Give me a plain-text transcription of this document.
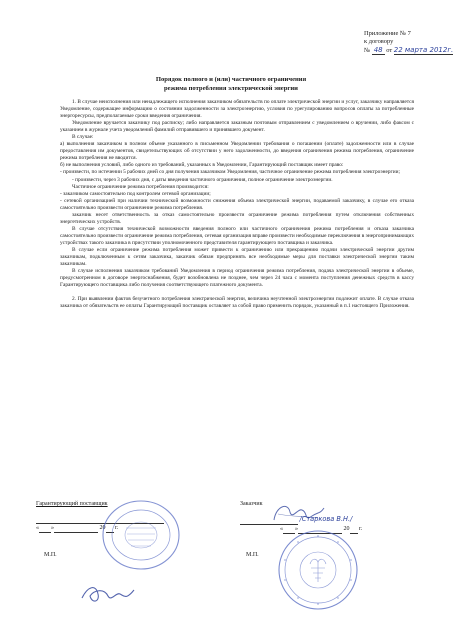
Приложение № 7
к договору
№ 48 от 22 марта 2012г.
Порядок полного и (или) частичного ограничения
режима потребления электрической энергии

1. В случае неисполнения или ненадлежащего исполнения заказчиком обязательств по оплате электрической энергии и услуг, заказчику направляется Уведомление, содержащее информацию о состоянии задолженности за электроэнергию, условия по урегулированию вопросов оплаты за потребленные энергоресурсы, предполагаемые сроки введения ограничения.

Уведомление вручается заказчику под расписку; либо направляется заказным почтовым отправлением с уведомлением о вручении, либо факсом с указанием в журнале учета уведомлений фамилий отправившего и принявшего документ.

В случае:

а) выполнения заказчиком в полном объеме указанного в письменном Уведомлении требования о погашении (оплате) задолженности или в случае предоставления им документов, свидетельствующих об отсутствии у него задолженности, до введения ограничения режима потребления, ограничение режима потребления не вводится.

б) не выполнения условий, либо одного из требований, указанных в Уведомлении, Гарантирующий поставщик имеет право:

- произвести, по истечении 5 рабочих дней со дня получения заказчиком Уведомления, частичное ограничение режима потребления электроэнергии;

- произвести, через 3 рабочих дня, с даты введения частичного ограничения, полное ограничение электроэнергии.

Частичное ограничение режима потребления производится:

- заказчиком самостоятельно под контролем сетевой организации;

- сетевой организацией при наличии технической возможности снижения объема электрической энергии, подаваемой заказчику, в случае его отказа самостоятельно произвести ограничение режима потребления.

заказчик несет ответственность за отказ самостоятельно произвести ограничение режима потребления путем отключения собственных энергетических устройств.

В случае отсутствия технической возможности введения полного или частичного ограничения режима потребления и отказа заказчика самостоятельно произвести ограничение режима потребления, сетевая организация вправе произвести необходимые переключения в энергопринимающих устройствах такого заказчика в присутствии уполномоченного представителя гарантирующего поставщика и заказчика.

В случае если ограничение режима потребления может привести к ограничению или прекращению подачи электрической энергии другим заказчикам, подключенным к сетям заказчика, заказчик обязан предпринять все необходимые меры для поставки электрической энергии таким заказчикам.

В случае исполнения заказчиком требований Уведомления в период ограничения режима потребления, подача электрической энергии в объеме, предусмотренном в договоре энергоснабжения, будет возобновлена не позднее, чем через 24 часа с момента поступления денежных средств в кассу Гарантирующего поставщика либо получения соответствующего платежного документа.

2. При выявлении фактов безучетного потребления электрической энергии, величина неучтенной электроэнергии подлежит оплате. В случае отказа заказчика от обязательств ее оплаты Гарантирующий поставщик оставляет за собой право применить порядок, указанный в п.1 настоящего Приложения.

Гарантирующий поставщик
« »	20 г.
М.П.
Заказчик
/Старкова В.Н./
« »	20 г.
М.П.
